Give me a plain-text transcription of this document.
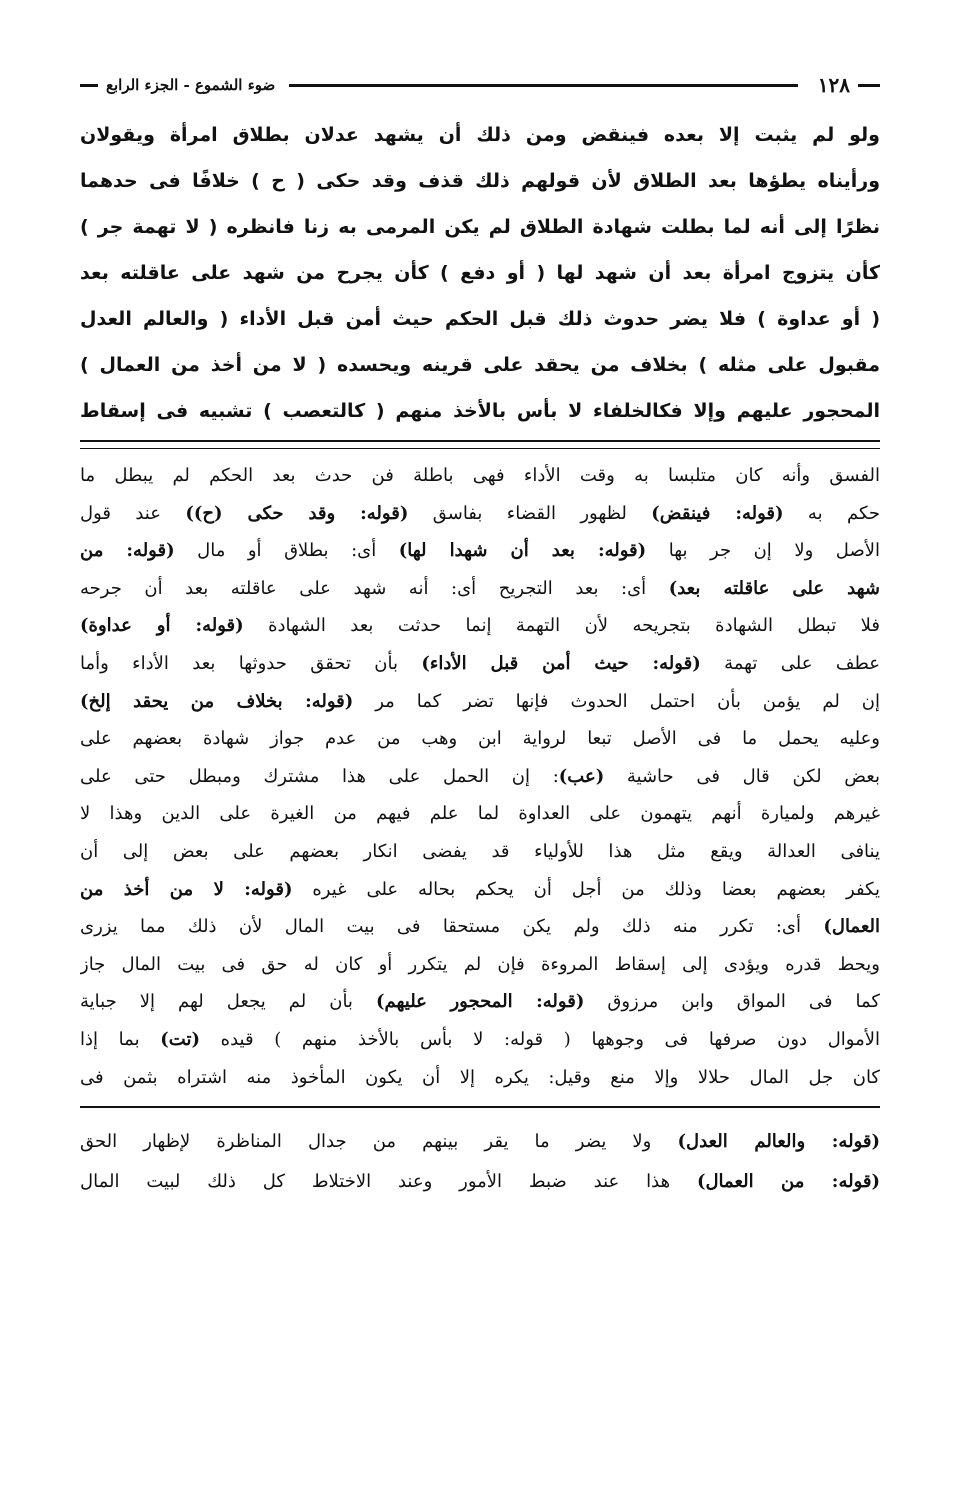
١٢٨
ضوء الشموع - الجزء الرابع
ولو لم يثبت إلا بعده فينقض ومن ذلك أن يشهد عدلان بطلاق امرأة ويقولان
ورأيناه يطؤها بعد الطلاق لأن قولهم ذلك قذف وقد حكى ( ح ) خلافًا فى حدهما
نظرًا إلى أنه لما بطلت شهادة الطلاق لم يكن المرمى به زنا فانظره ( لا تهمة جر )
كأن يتزوج امرأة بعد أن شهد لها ( أو دفع ) كأن يجرح من شهد على عاقلته بعد
( أو عداوة ) فلا يضر حدوث ذلك قبل الحكم حيث أمن قبل الأداء ( والعالم العدل
مقبول على مثله ) بخلاف من يحقد على قرينه ويحسده ( لا من أخذ من العمال )
المحجور عليهم وإلا فكالخلفاء لا بأس بالأخذ منهم ( كالتعصب ) تشبيه فى إسقاط
الفسق وأنه كان متلبسا به وقت الأداء فهى باطلة فن حدث بعد الحكم لم يبطل ما
حكم به (قوله: فينقض) لظهور القضاء بفاسق (قوله: وقد حكى (ح)) عند قول
الأصل ولا إن جر بها (قوله: بعد أن شهدا لها) أى: بطلاق أو مال (قوله: من
شهد على عاقلته بعد) أى: بعد التجريح أى: أنه شهد على عاقلته بعد أن جرحه
فلا تبطل الشهادة بتجريحه لأن التهمة إنما حدثت بعد الشهادة (قوله: أو عداوة)
عطف على تهمة (قوله: حيث أمن قبل الأداء) بأن تحقق حدوثها بعد الأداء وأما
إن لم يؤمن بأن احتمل الحدوث فإنها تضر كما مر (قوله: بخلاف من يحقد إلخ)
وعليه يحمل ما فى الأصل تبعا لرواية ابن وهب من عدم جواز شهادة بعضهم على
بعض لكن قال فى حاشية (عب): إن الحمل على هذا مشترك ومبطل حتى على
غيرهم ولميارة أنهم يتهمون على العداوة لما علم فيهم من الغيرة على الدين وهذا لا
ينافى العدالة ويقع مثل هذا للأولياء قد يفضى انكار بعضهم على بعض إلى أن
يكفر بعضهم بعضا وذلك من أجل أن يحكم بحاله على غيره (قوله: لا من أخذ من
العمال) أى: تكرر منه ذلك ولم يكن مستحقا فى بيت المال لأن ذلك مما يزرى
ويحط قدره ويؤدى إلى إسقاط المروءة فإن لم يتكرر أو كان له حق فى بيت المال جاز
كما فى المواق وابن مرزوق (قوله: المحجور عليهم) بأن لم يجعل لهم إلا جباية
الأموال دون صرفها فى وجوهها ( قوله: لا بأس بالأخذ منهم ) قيده (تت) بما إذا
كان جل المال حلالا وإلا منع وقيل: يكره إلا أن يكون المأخوذ منه اشتراه بثمن فى
(قوله: والعالم العدل) ولا يضر ما يقر بينهم من جدال المناظرة لإظهار الحق
(قوله: من العمال) هذا عند ضبط الأمور وعند الاختلاط كل ذلك لبيت المال
